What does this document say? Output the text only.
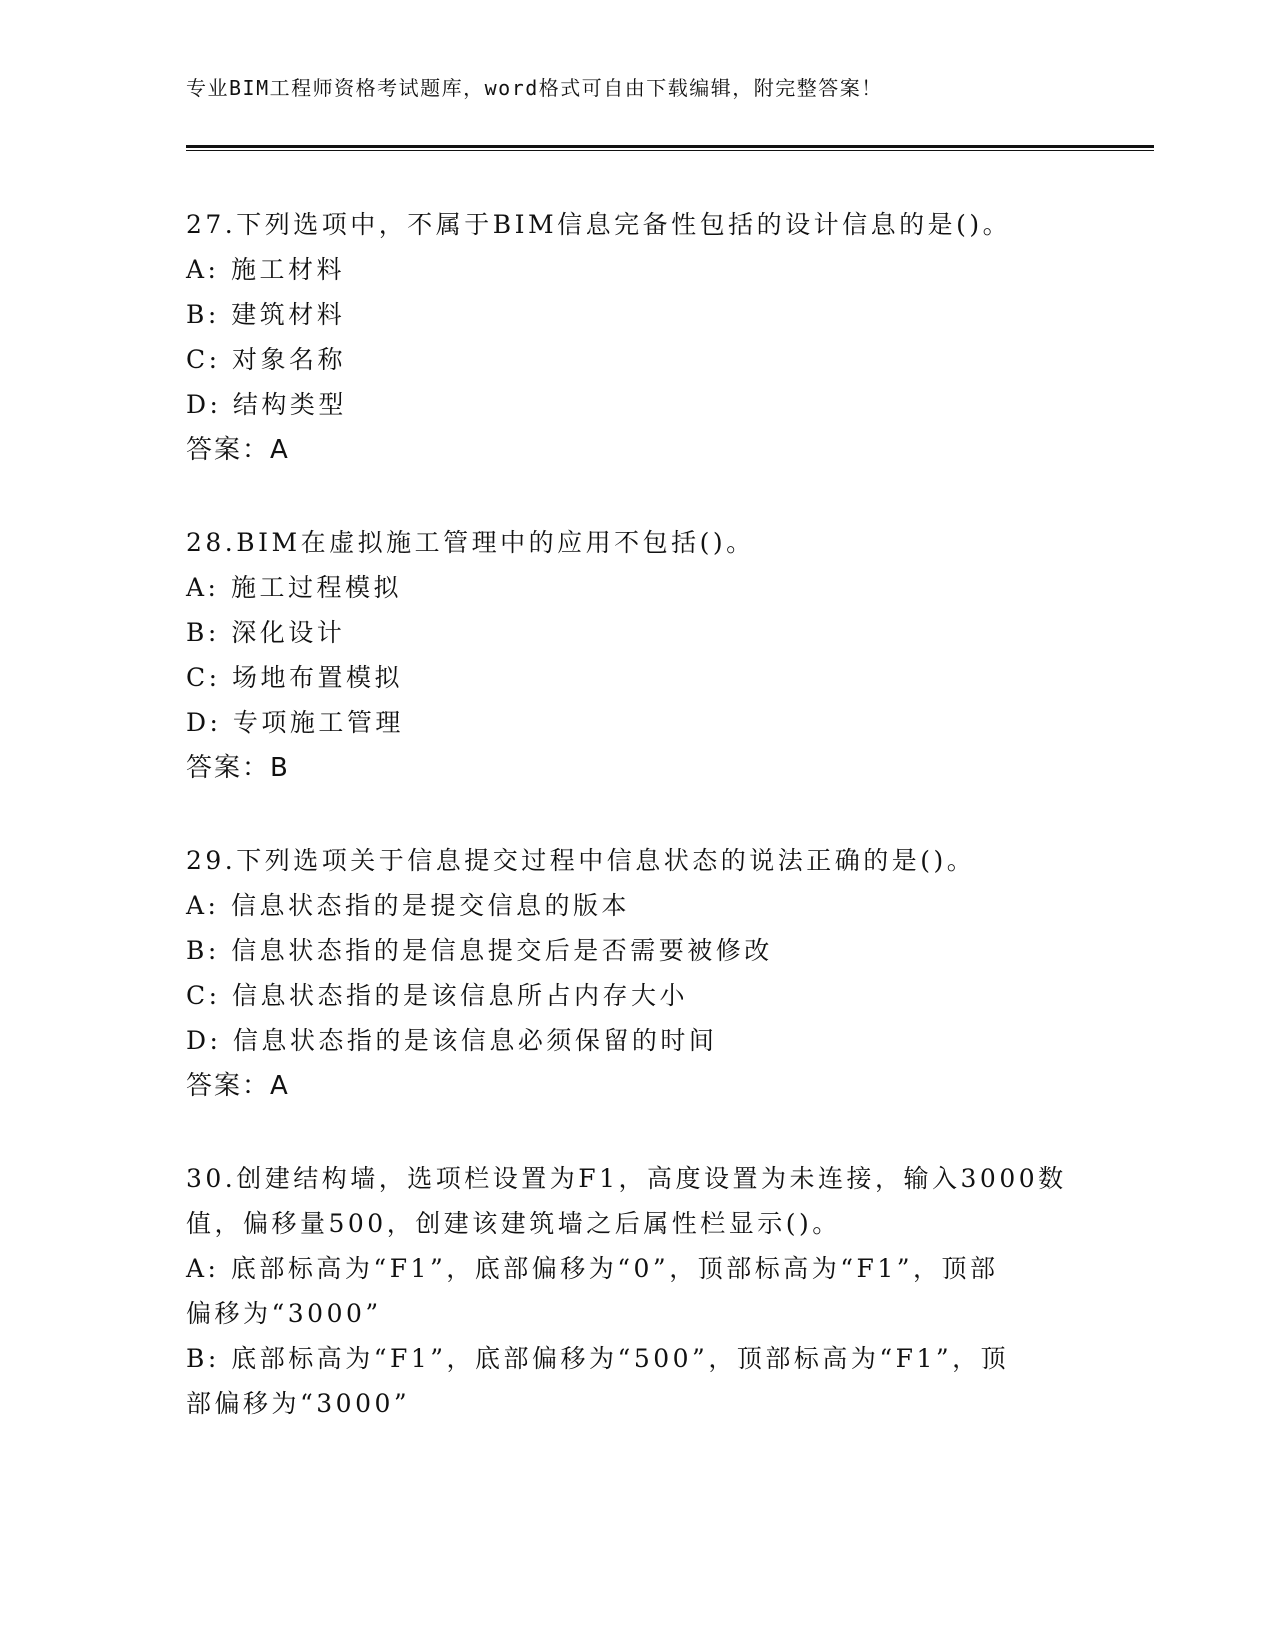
专业BIM工程师资格考试题库，word格式可自由下载编辑，附完整答案！
27.下列选项中，不属于BIM信息完备性包括的设计信息的是()。
A: 施工材料
B: 建筑材料
C: 对象名称
D: 结构类型
答案：A
28.BIM在虚拟施工管理中的应用不包括()。
A: 施工过程模拟
B: 深化设计
C: 场地布置模拟
D: 专项施工管理
答案：B
29.下列选项关于信息提交过程中信息状态的说法正确的是()。
A: 信息状态指的是提交信息的版本
B: 信息状态指的是信息提交后是否需要被修改
C: 信息状态指的是该信息所占内存大小
D: 信息状态指的是该信息必须保留的时间
答案：A
30.创建结构墙，选项栏设置为F1，高度设置为未连接，输入3000数
值，偏移量500，创建该建筑墙之后属性栏显示()。
A: 底部标高为“F1”，底部偏移为“0”，顶部标高为“F1”，顶部
偏移为“3000”
B: 底部标高为“F1”，底部偏移为“500”，顶部标高为“F1”，顶
部偏移为“3000”
